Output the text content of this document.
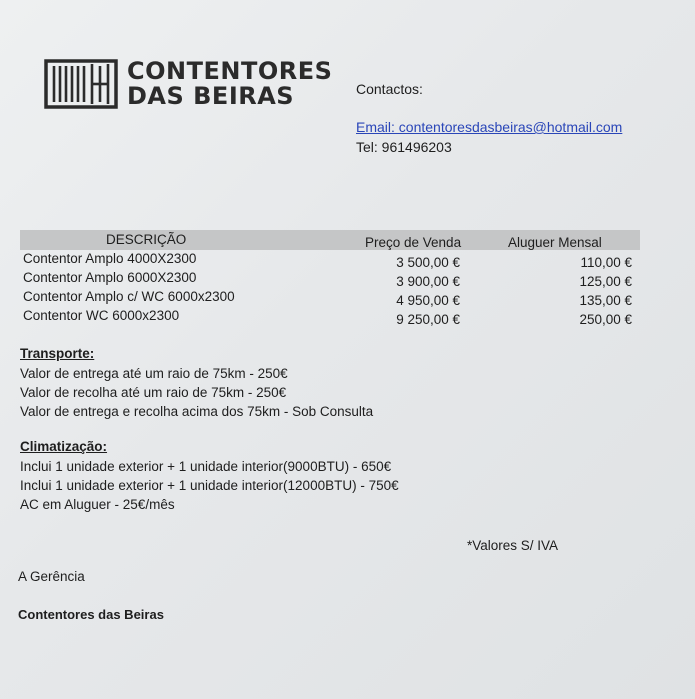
CONTENTORES
DAS BEIRAS	Contactos:
Email: contentoresdasbeiras@hotmail.com
Tel: 961496203
DESCRIÇÃO	Preço de Venda	Aluguer Mensal
Contentor Amplo 4000X2300	3 500,00 €	110,00 €
Contentor Amplo 6000X2300	3 900,00 €	125,00 €
Contentor Amplo c/ WC 6000x2300	4 950,00 €	135,00 €
Contentor WC 6000x2300	9 250,00 €	250,00 €
Transporte:
Valor de entrega até um raio de 75km - 250€
Valor de recolha até um raio de 75km - 250€
Valor de entrega e recolha acima dos 75km - Sob Consulta
Climatização:
Inclui 1 unidade exterior + 1 unidade interior(9000BTU) - 650€
Inclui 1 unidade exterior + 1 unidade interior(12000BTU) - 750€
AC em Aluguer - 25€/mês
*Valores S/ IVA
A Gerência
Contentores das Beiras
